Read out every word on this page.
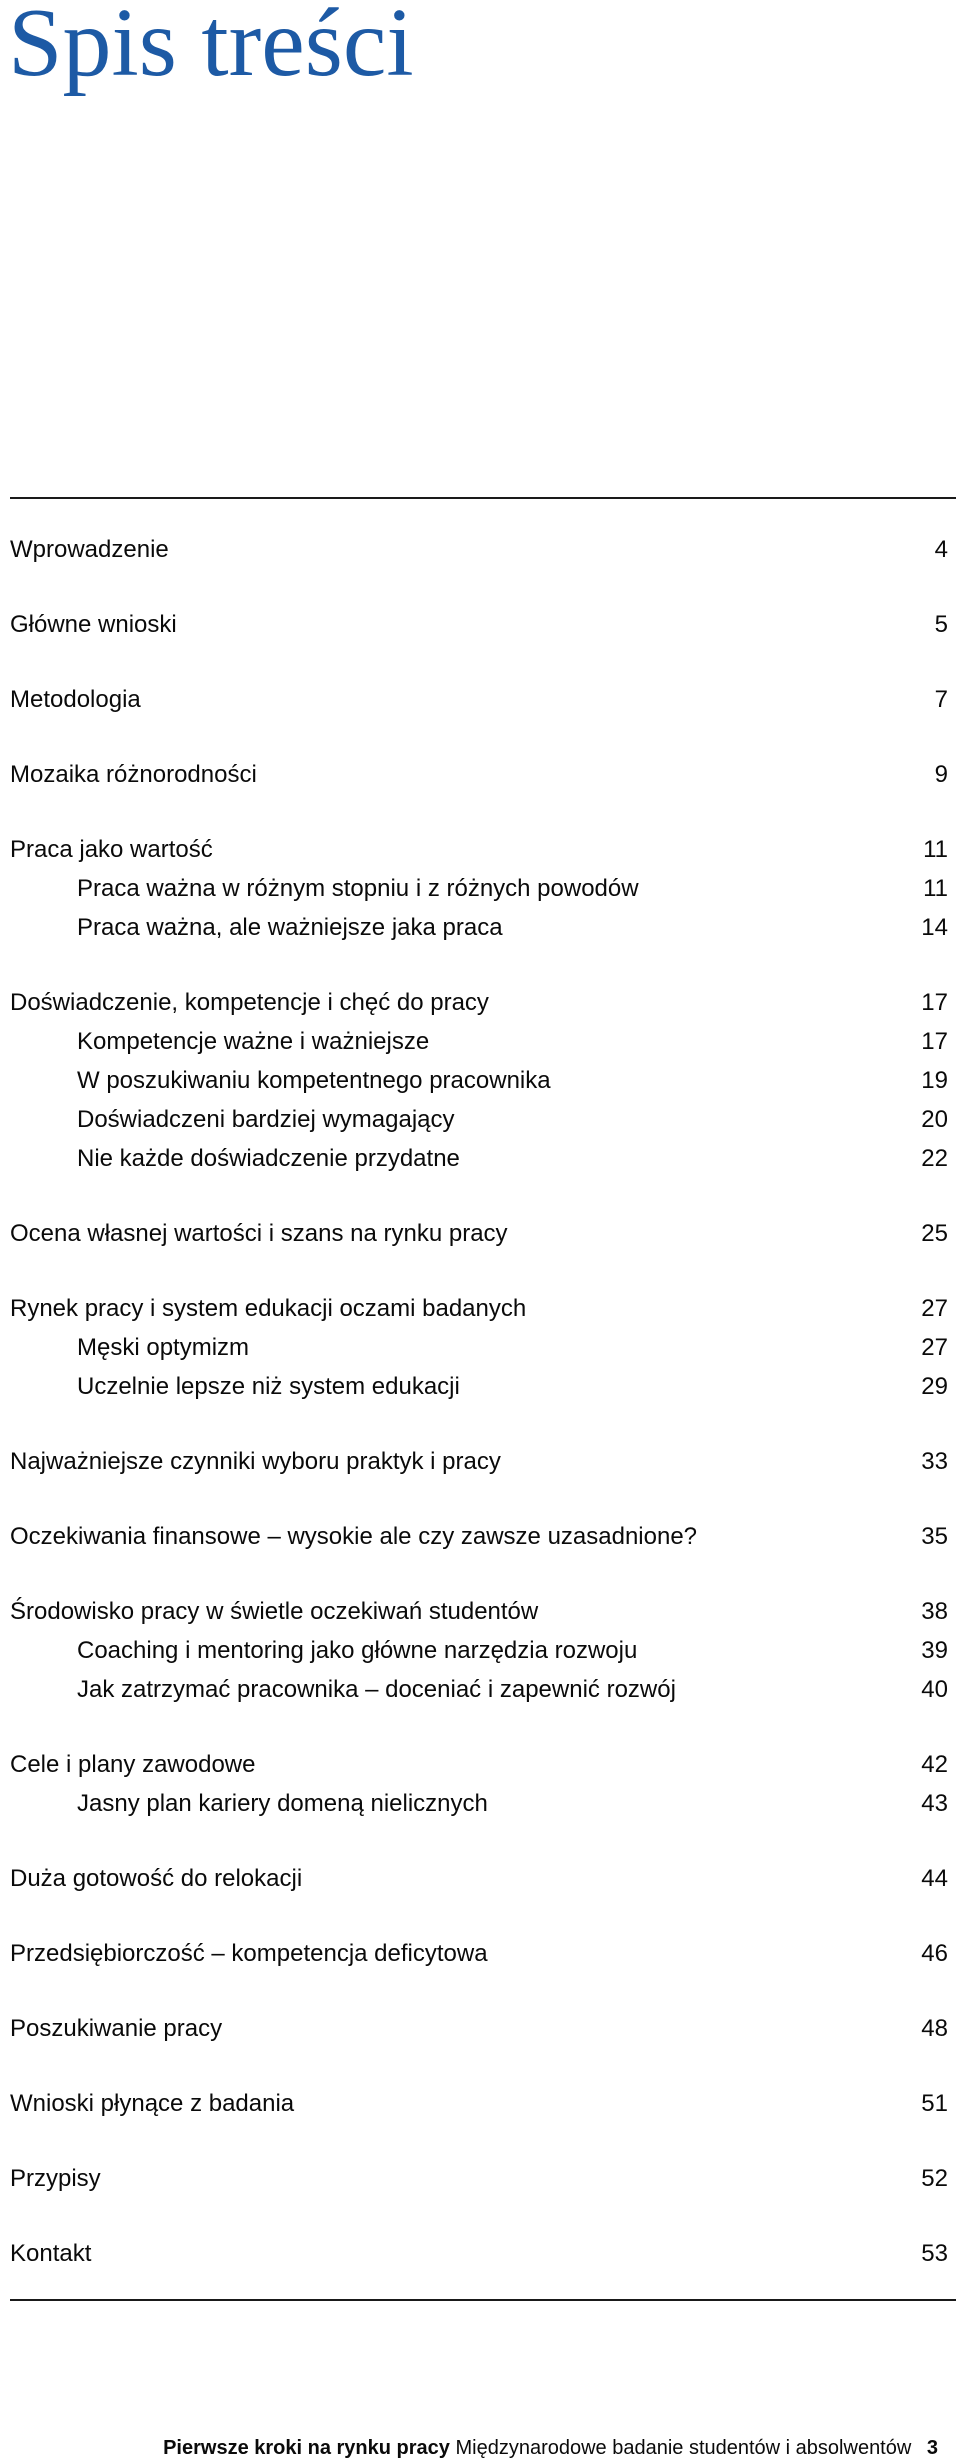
Spis treści
Wprowadzenie	4
Główne wnioski	5
Metodologia	7
Mozaika różnorodności	9
Praca jako wartość	11
Praca ważna w różnym stopniu i z różnych powodów	11
Praca ważna, ale ważniejsze jaka praca	14
Doświadczenie, kompetencje i chęć do pracy	17
Kompetencje ważne i ważniejsze	17
W poszukiwaniu kompetentnego pracownika	19
Doświadczeni bardziej wymagający	20
Nie każde doświadczenie przydatne	22
Ocena własnej wartości i szans na rynku pracy	25
Rynek pracy i system edukacji oczami badanych	27
Męski optymizm	27
Uczelnie lepsze niż system edukacji	29
Najważniejsze czynniki wyboru praktyk i pracy	33
Oczekiwania finansowe – wysokie ale czy zawsze uzasadnione?	35
Środowisko pracy w świetle oczekiwań studentów	38
Coaching i mentoring jako główne narzędzia rozwoju	39
Jak zatrzymać pracownika – doceniać i zapewnić rozwój	40
Cele i plany zawodowe	42
Jasny plan kariery domeną nielicznych	43
Duża gotowość do relokacji	44
Przedsiębiorczość – kompetencja deficytowa	46
Poszukiwanie pracy	48
Wnioski płynące z badania	51
Przypisy	52
Kontakt	53
Pierwsze kroki na rynku pracy Międzynarodowe badanie studentów i absolwentów 3
